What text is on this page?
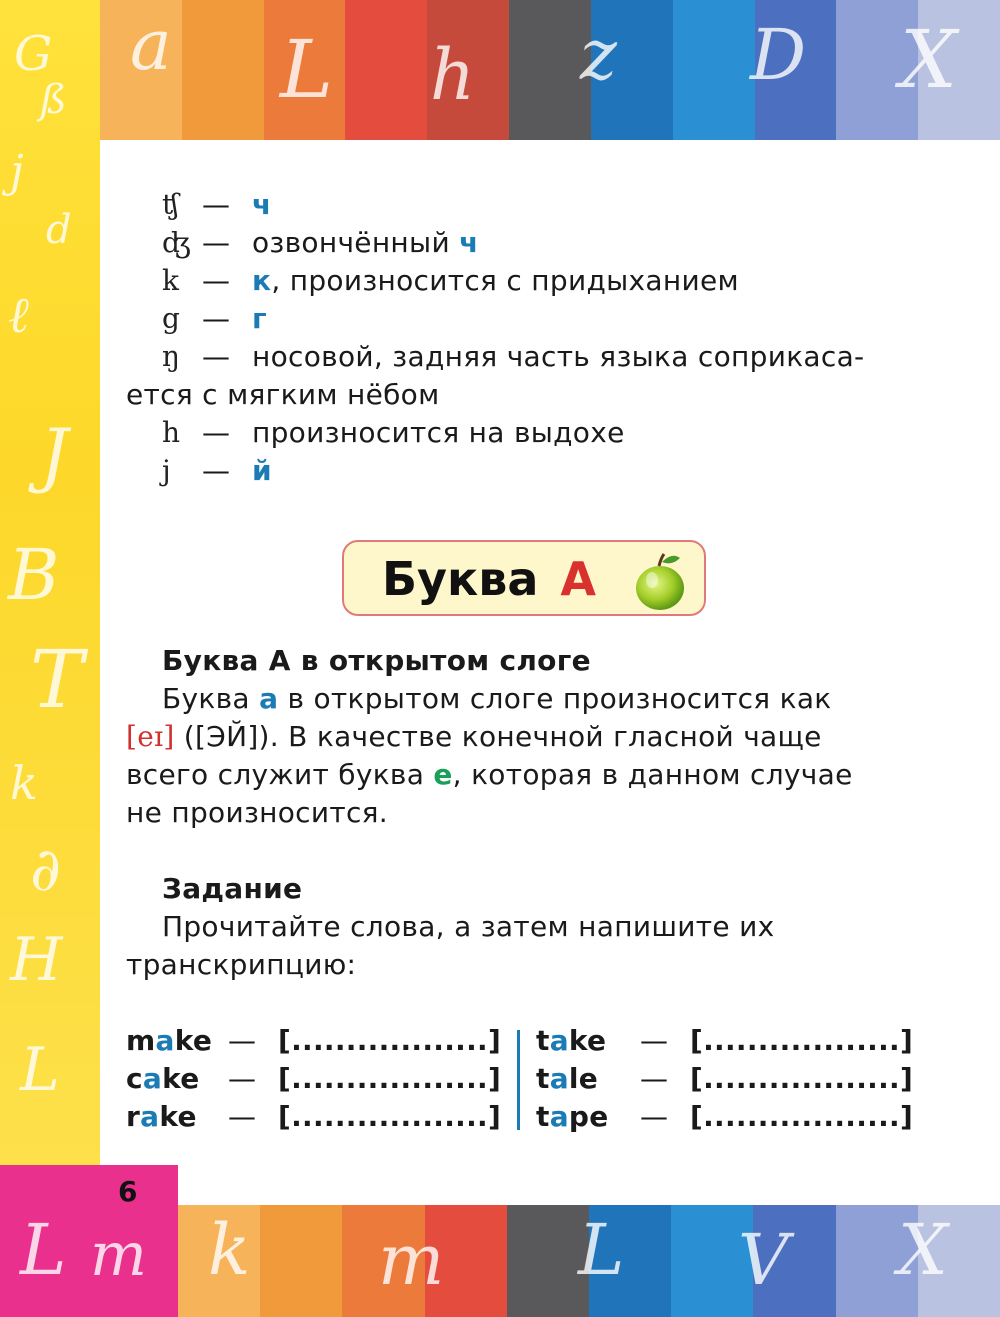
G
ß
j
d
ℓ
J
B
T
k
∂
H
L
a L h z D X
L m k m L V X
6
ʧ — ч
ʤ — озвончённый ч
k — к, произносится с придыханием
g — г
ŋ — носовой, задняя часть языка соприкаса-
ется с мягким нёбом
h — произносится на выдохе
j — й
Буква A
Буква А в открытом слоге
Буква а в открытом слоге произносится как
[eɪ] ([ЭЙ]). В качестве конечной гласной чаще
всего служит буква е, которая в данном случае
не произносится.
Задание
Прочитайте слова, а затем напишите их
транскрипцию:
make — [..................]
cake — [..................]
rake — [..................]
take — [..................]
tale — [..................]
tape — [..................]
